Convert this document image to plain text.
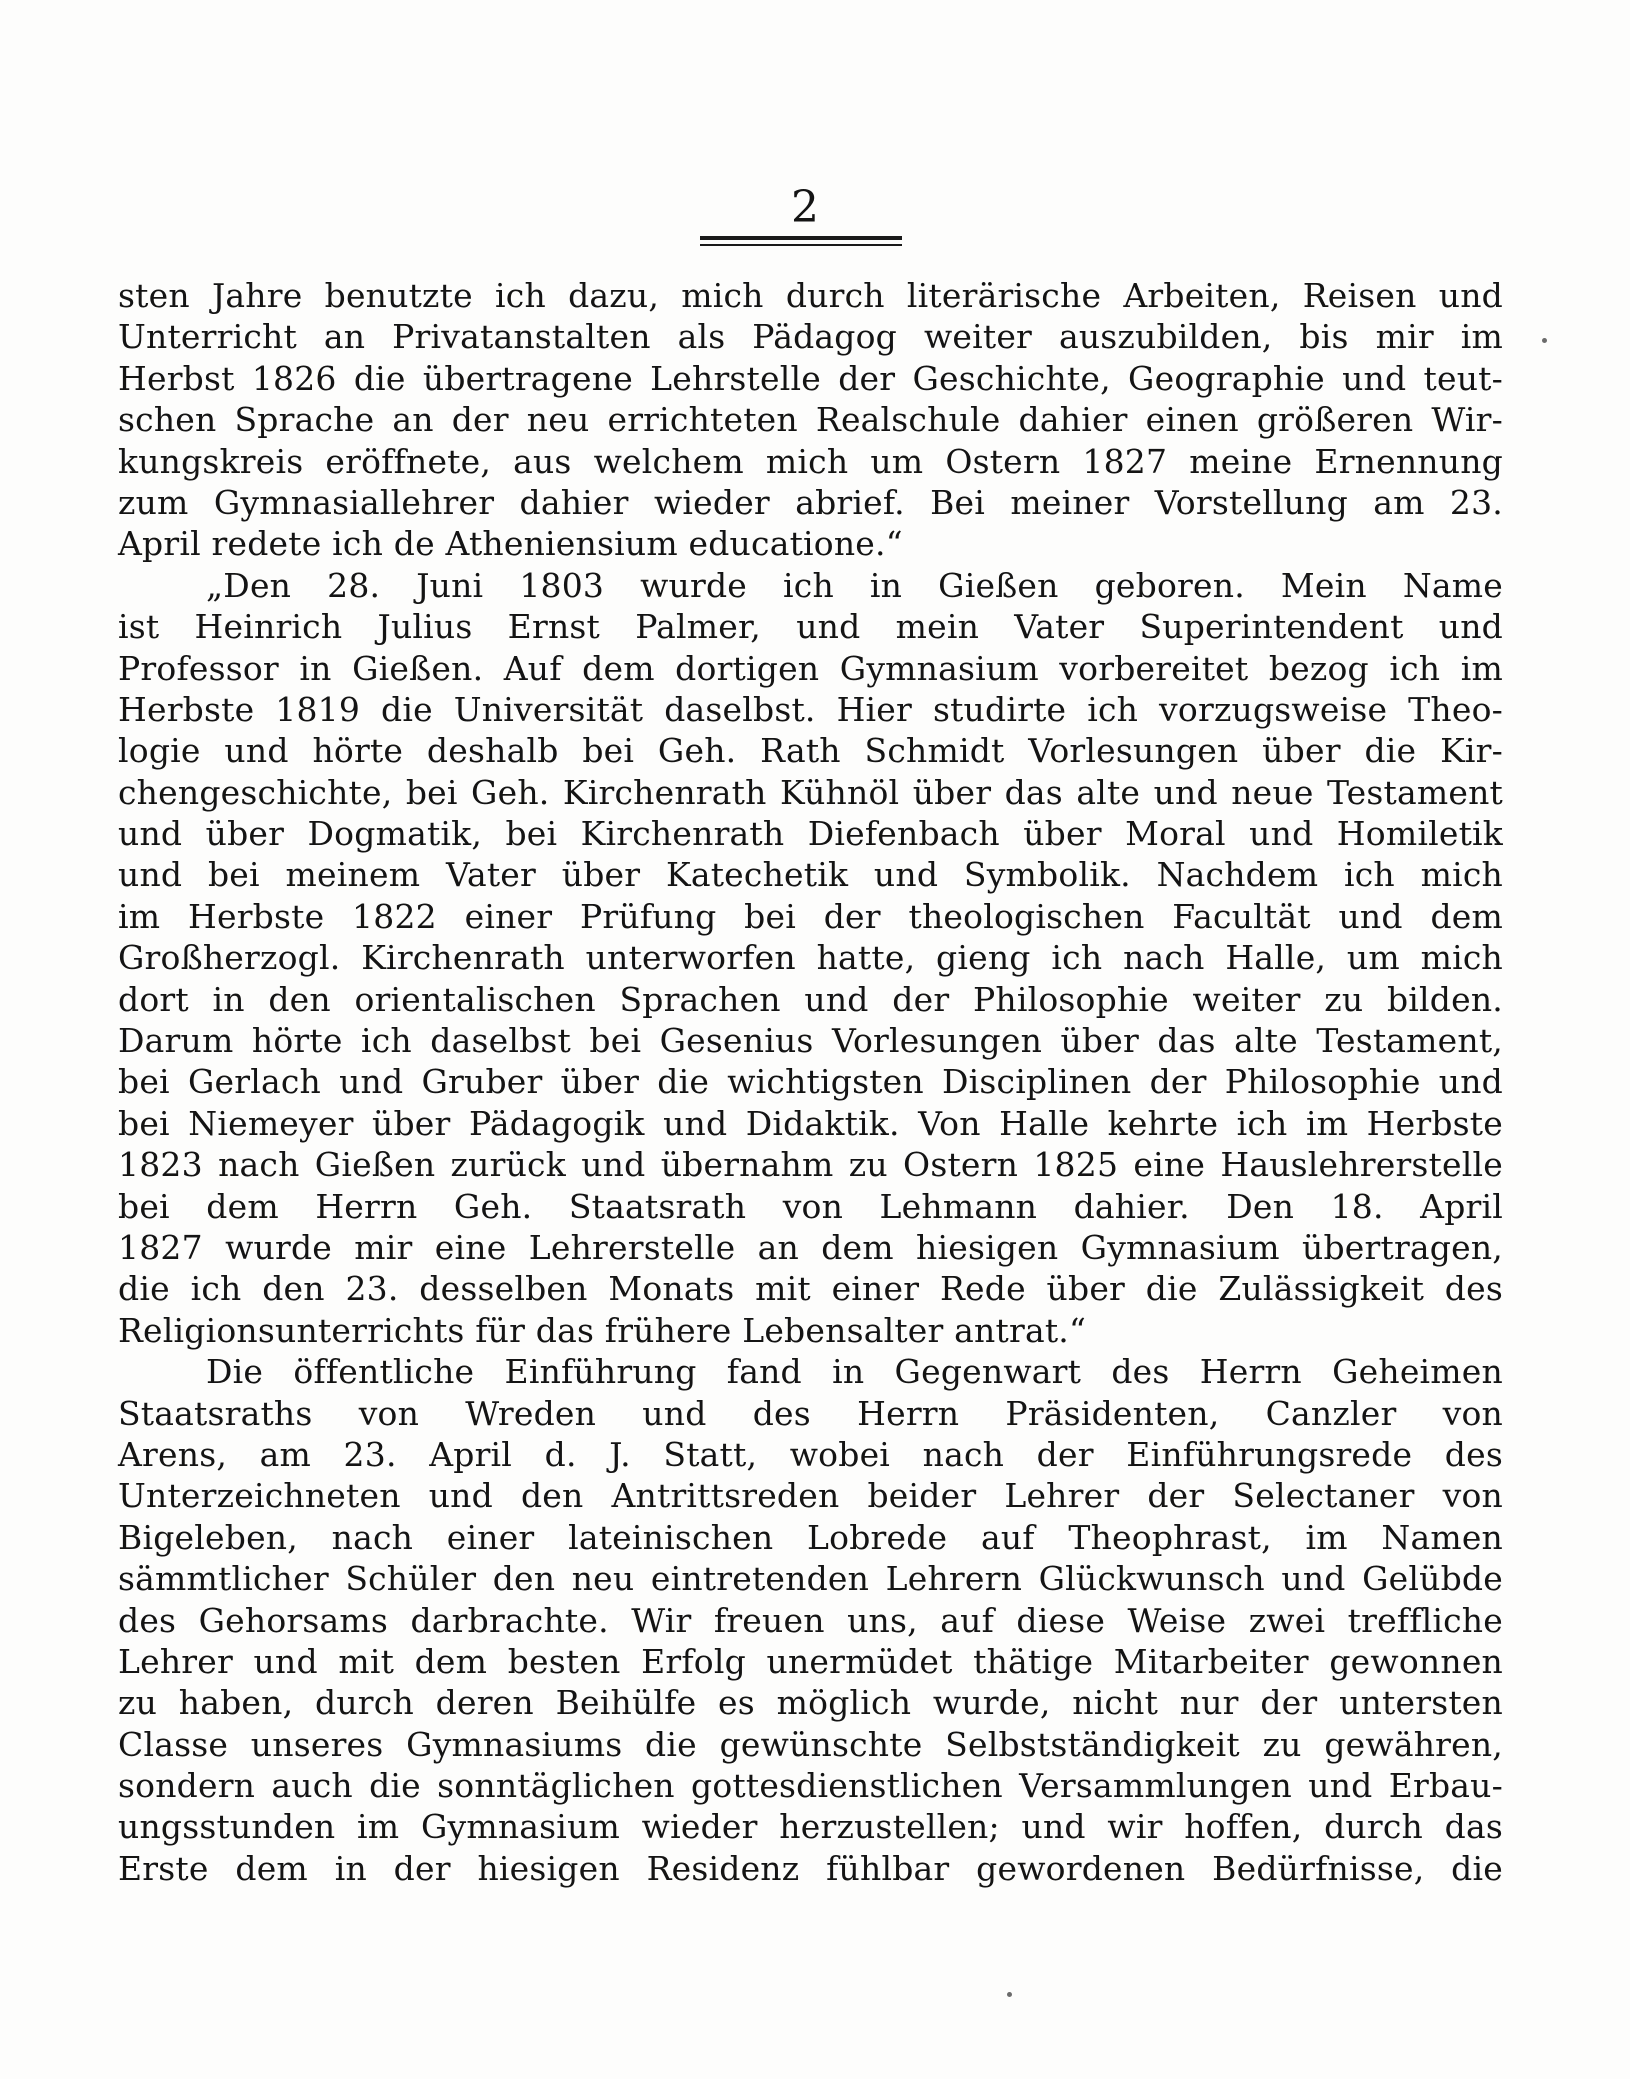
2
sten Jahre benutzte ich dazu, mich durch literärische Arbeiten, Reisen und
Unterricht an Privatanstalten als Pädagog weiter auszubilden, bis mir im
Herbst 1826 die übertragene Lehrstelle der Geschichte, Geographie und teut-
schen Sprache an der neu errichteten Realschule dahier einen größeren Wir-
kungskreis eröffnete, aus welchem mich um Ostern 1827 meine Ernennung
zum Gymnasiallehrer dahier wieder abrief. Bei meiner Vorstellung am 23.
April redete ich de Atheniensium educatione.“
„Den 28. Juni 1803 wurde ich in Gießen geboren. Mein Name
ist Heinrich Julius Ernst Palmer, und mein Vater Superintendent und
Professor in Gießen. Auf dem dortigen Gymnasium vorbereitet bezog ich im
Herbste 1819 die Universität daselbst. Hier studirte ich vorzugsweise Theo-
logie und hörte deshalb bei Geh. Rath Schmidt Vorlesungen über die Kir-
chengeschichte, bei Geh. Kirchenrath Kühnöl über das alte und neue Testament
und über Dogmatik, bei Kirchenrath Diefenbach über Moral und Homiletik
und bei meinem Vater über Katechetik und Symbolik. Nachdem ich mich
im Herbste 1822 einer Prüfung bei der theologischen Facultät und dem
Großherzogl. Kirchenrath unterworfen hatte, gieng ich nach Halle, um mich
dort in den orientalischen Sprachen und der Philosophie weiter zu bilden.
Darum hörte ich daselbst bei Gesenius Vorlesungen über das alte Testament,
bei Gerlach und Gruber über die wichtigsten Disciplinen der Philosophie und
bei Niemeyer über Pädagogik und Didaktik. Von Halle kehrte ich im Herbste
1823 nach Gießen zurück und übernahm zu Ostern 1825 eine Hauslehrerstelle
bei dem Herrn Geh. Staatsrath von Lehmann dahier. Den 18. April
1827 wurde mir eine Lehrerstelle an dem hiesigen Gymnasium übertragen,
die ich den 23. desselben Monats mit einer Rede über die Zulässigkeit des
Religionsunterrichts für das frühere Lebensalter antrat.“
Die öffentliche Einführung fand in Gegenwart des Herrn Geheimen
Staatsraths von Wreden und des Herrn Präsidenten, Canzler von
Arens, am 23. April d. J. Statt, wobei nach der Einführungsrede des
Unterzeichneten und den Antrittsreden beider Lehrer der Selectaner von
Bigeleben, nach einer lateinischen Lobrede auf Theophrast, im Namen
sämmtlicher Schüler den neu eintretenden Lehrern Glückwunsch und Gelübde
des Gehorsams darbrachte. Wir freuen uns, auf diese Weise zwei treffliche
Lehrer und mit dem besten Erfolg unermüdet thätige Mitarbeiter gewonnen
zu haben, durch deren Beihülfe es möglich wurde, nicht nur der untersten
Classe unseres Gymnasiums die gewünschte Selbstständigkeit zu gewähren,
sondern auch die sonntäglichen gottesdienstlichen Versammlungen und Erbau-
ungsstunden im Gymnasium wieder herzustellen; und wir hoffen, durch das
Erste dem in der hiesigen Residenz fühlbar gewordenen Bedürfnisse, die
